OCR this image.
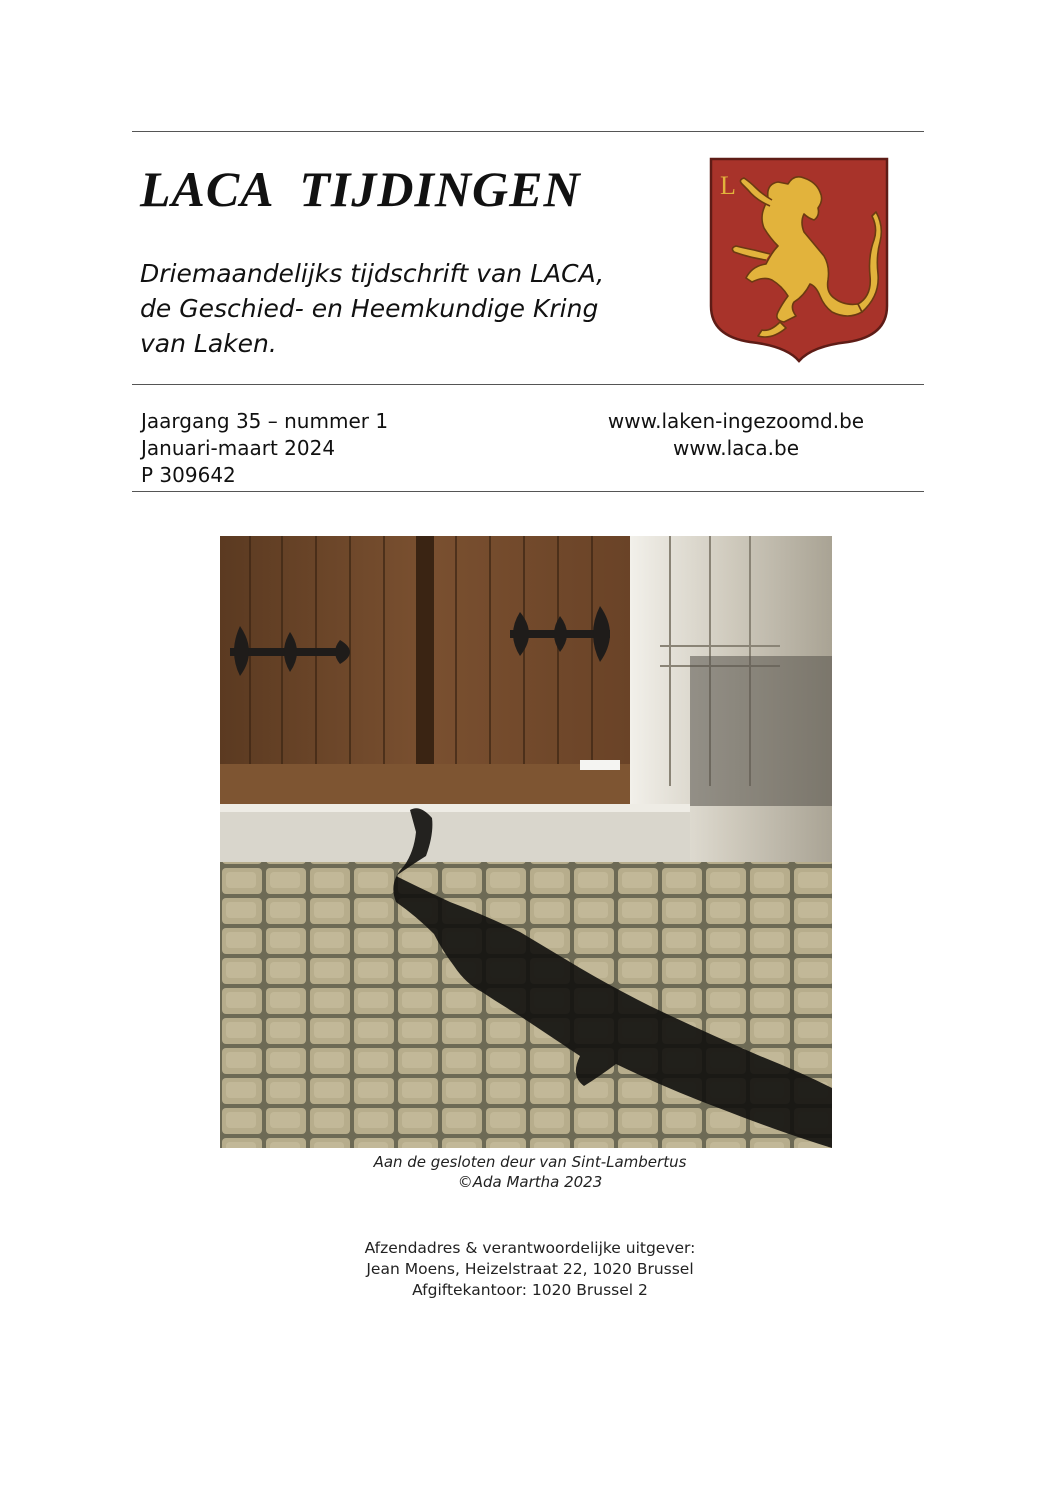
LACA TIJDINGEN
Driemaandelijks tijdschrift van LACA,
de Geschied- en Heemkundige Kring
van Laken.
L
Jaargang 35 – nummer 1
Januari-maart 2024
P 309642
www.laken-ingezoomd.be
www.laca.be
Aan de gesloten deur van Sint-Lambertus
©Ada Martha 2023
Afzendadres & verantwoordelijke uitgever:
Jean Moens, Heizelstraat 22, 1020 Brussel
Afgiftekantoor: 1020 Brussel 2
